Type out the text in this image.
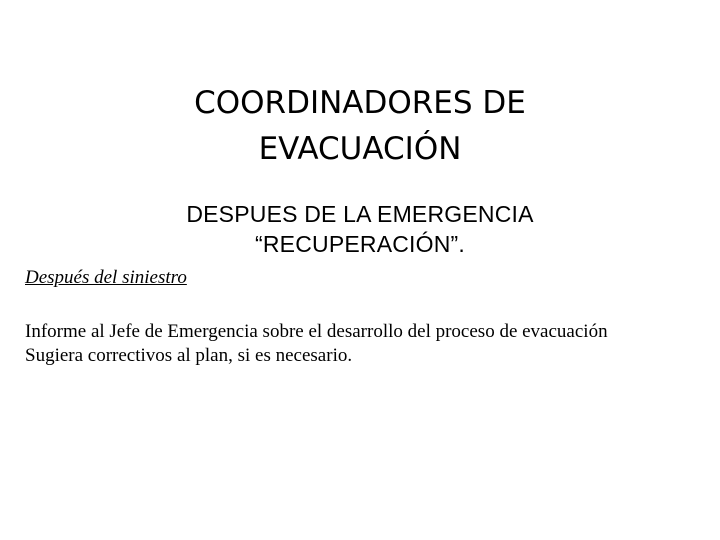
COORDINADORES DE
EVACUACIÓN
DESPUES DE LA EMERGENCIA
“RECUPERACIÓN”.
Después del siniestro
Informe al Jefe de Emergencia sobre el desarrollo del proceso de evacuación
Sugiera correctivos al plan, si es necesario.
